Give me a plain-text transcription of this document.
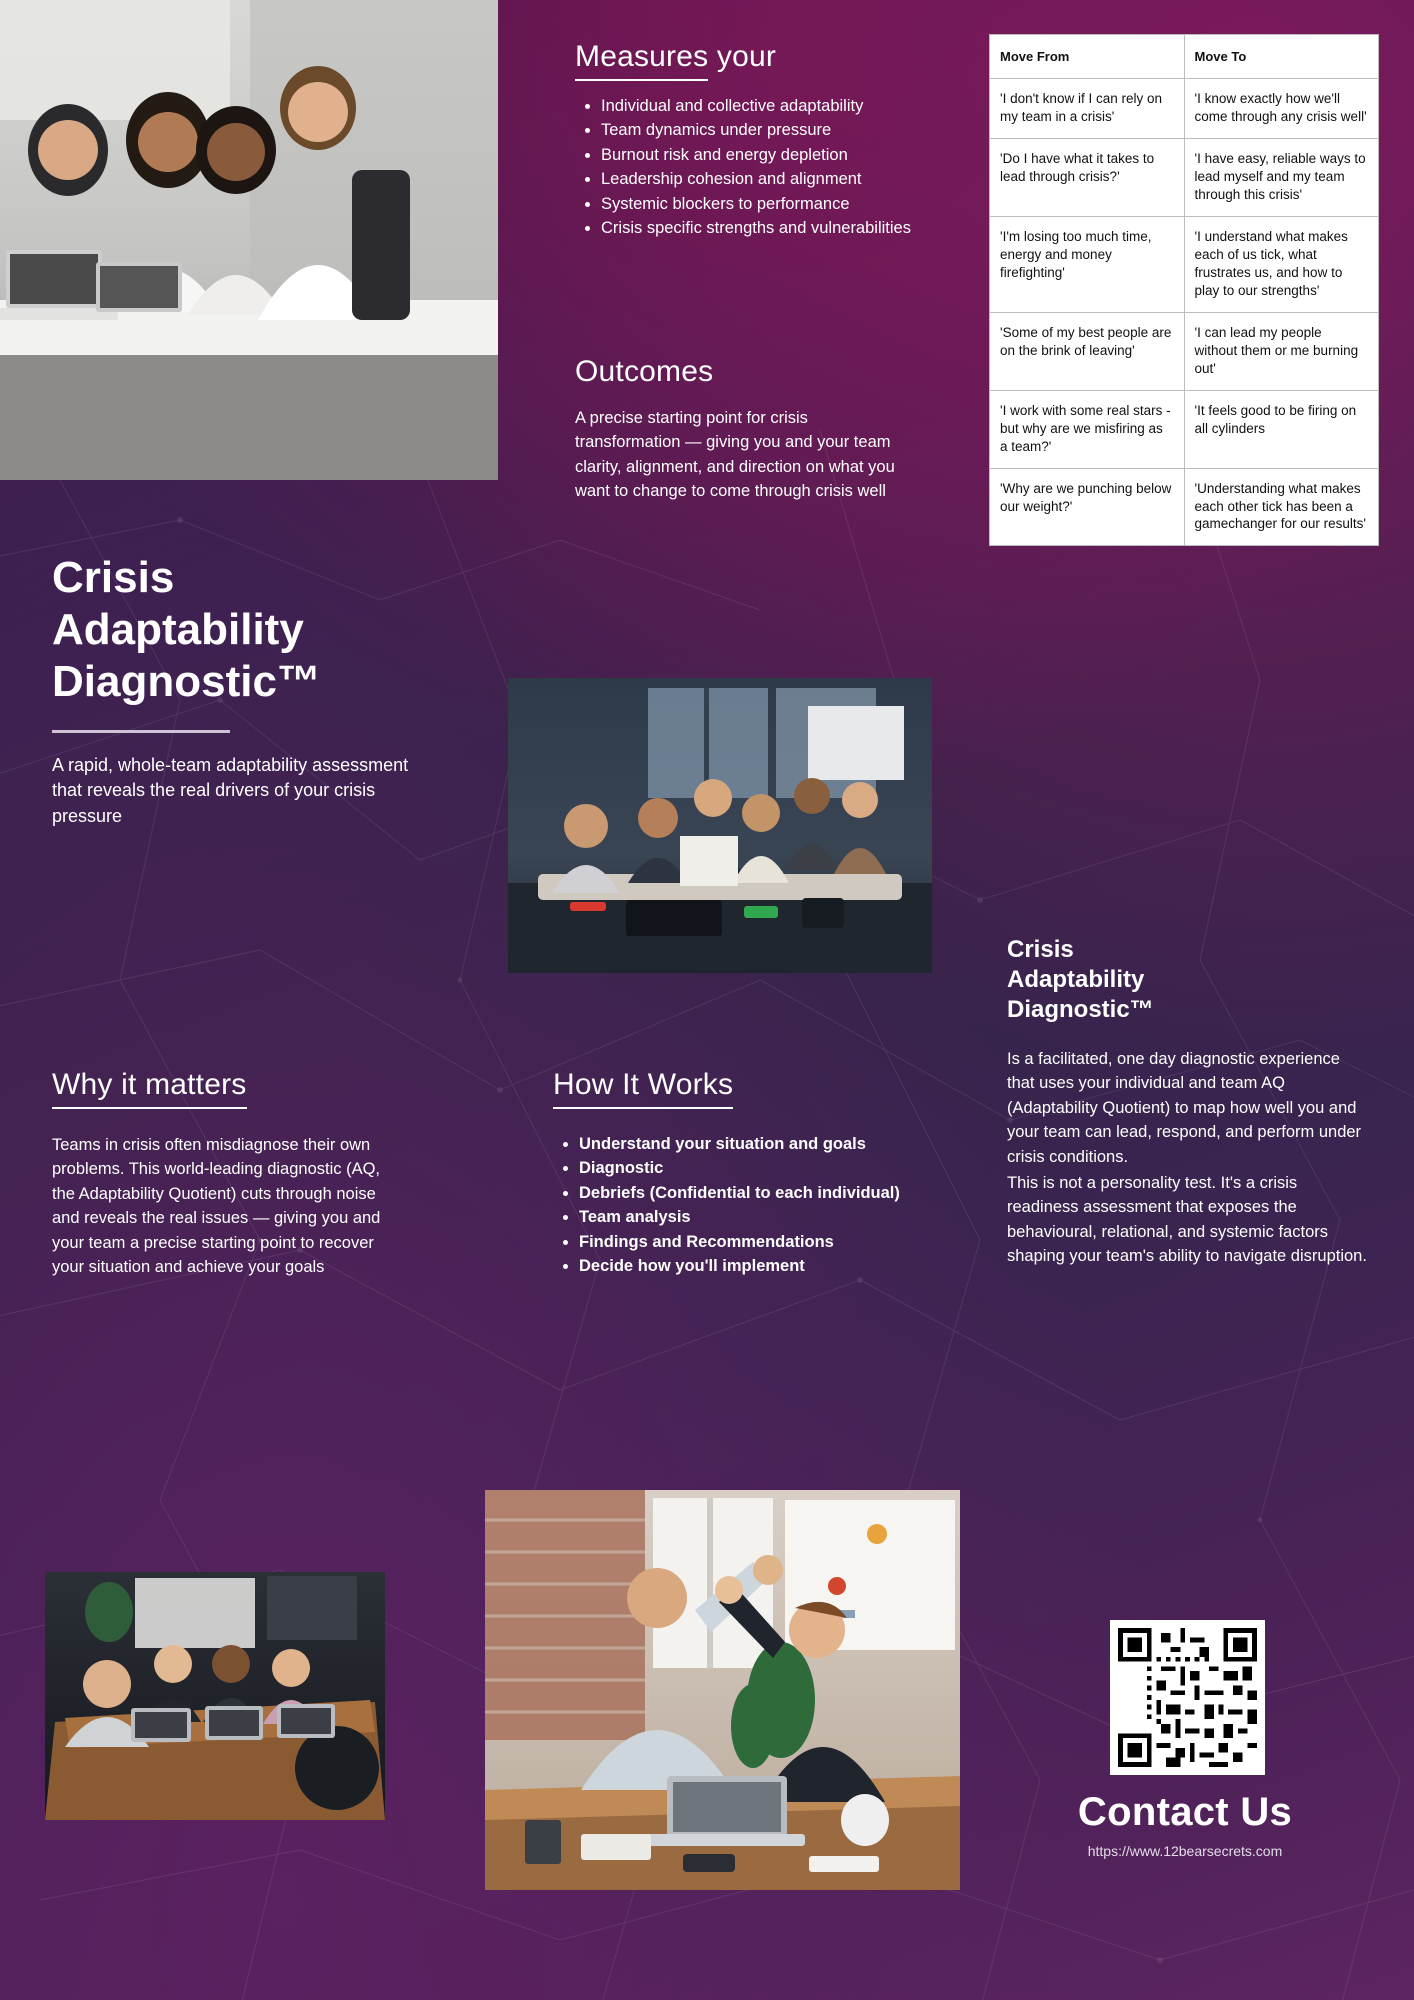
Measures your
• Individual and collective adaptability
• Team dynamics under pressure
• Burnout risk and energy depletion
• Leadership cohesion and alignment
• Systemic blockers to performance
• Crisis specific strengths and vulnerabilities
Outcomes

A precise starting point for crisis transformation — giving you and your team clarity, alignment, and direction on what you want to change to come through crisis well

Move From	Move To
'I don't know if I can rely on my team in a crisis'	'I know exactly how we'll come through any crisis well'
'Do I have what it takes to lead through crisis?'	'I have easy, reliable ways to lead myself and my team through this crisis'
'I'm losing too much time, energy and money firefighting'	'I understand what makes each of us tick, what frustrates us, and how to play to our strengths'
'Some of my best people are on the brink of leaving'	'I can lead my people without them or me burning out'
'I work with some real stars - but why are we misfiring as a team?'	'It feels good to be firing on all cylinders
'Why are we punching below our weight?'	'Understanding what makes each other tick has been a gamechanger for our results'

Crisis

Adaptability

Diagnostic™

A rapid, whole-team adaptability assessment that reveals the real drivers of your crisis pressure

Why it matters

Teams in crisis often misdiagnose their own problems. This world-leading diagnostic (AQ, the Adaptability Quotient) cuts through noise and reveals the real issues — giving you and your team a precise starting point to recover your situation and achieve your goals

How It Works
• Understand your situation and goals
• Diagnostic
• Debriefs (Confidential to each individual)
• Team analysis
• Findings and Recommendations
• Decide how you'll implement

Crisis
Adaptability
Diagnostic™

Is a facilitated, one day diagnostic experience that uses your individual and team AQ (Adaptability Quotient) to map how well you and your team can lead, respond, and perform under crisis conditions.

This is not a personality test. It's a crisis readiness assessment that exposes the behavioural, relational, and systemic factors shaping your team's ability to navigate disruption.

Contact Us

https://www.12bearsecrets.com
